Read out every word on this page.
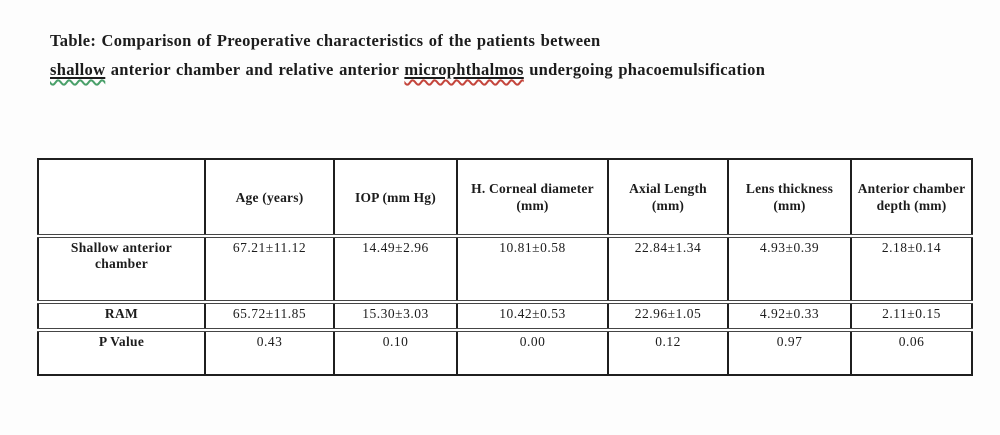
Table: Comparison of Preoperative characteristics of the patients between
shallow anterior chamber and relative anterior microphthalmos undergoing phacoemulsification
	Age (years)	IOP (mm Hg)	H. Corneal diameter (mm)	Axial Length (mm)	Lens thickness (mm)	Anterior chamber depth (mm)
Shallow anterior chamber	67.21±11.12	14.49±2.96	10.81±0.58	22.84±1.34	4.93±0.39	2.18±0.14
RAM	65.72±11.85	15.30±3.03	10.42±0.53	22.96±1.05	4.92±0.33	2.11±0.15
P Value	0.43	0.10	0.00	0.12	0.97	0.06
